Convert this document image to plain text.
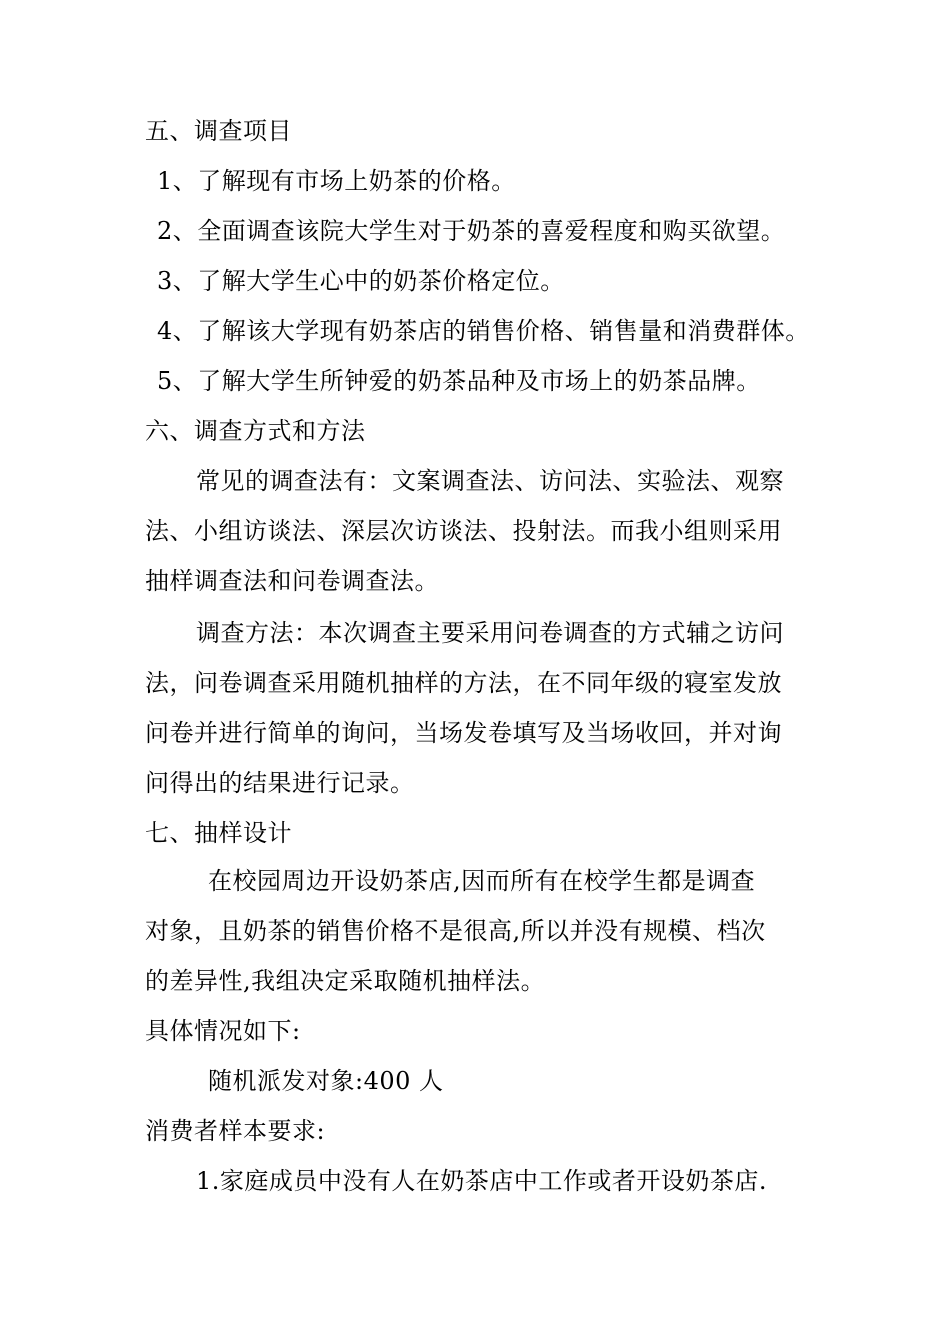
五、调查项目
1、了解现有市场上奶茶的价格。
2、全面调查该院大学生对于奶茶的喜爱程度和购买欲望。
3、了解大学生心中的奶茶价格定位。
4、了解该大学现有奶茶店的销售价格、销售量和消费群体。
5、了解大学生所钟爱的奶茶品种及市场上的奶茶品牌。
六、调查方式和方法
常见的调查法有：文案调查法、访问法、实验法、观察
法、小组访谈法、深层次访谈法、投射法。而我小组则采用
抽样调查法和问卷调查法。
调查方法：本次调查主要采用问卷调查的方式辅之访问
法，问卷调查采用随机抽样的方法，在不同年级的寝室发放
问卷并进行简单的询问，当场发卷填写及当场收回，并对询
问得出的结果进行记录。
七、抽样设计
在校园周边开设奶茶店,因而所有在校学生都是调查
对象，且奶茶的销售价格不是很高,所以并没有规模、档次
的差异性,我组决定采取随机抽样法。
具体情况如下:
随机派发对象:400 人
消费者样本要求:
1.家庭成员中没有人在奶茶店中工作或者开设奶茶店.
